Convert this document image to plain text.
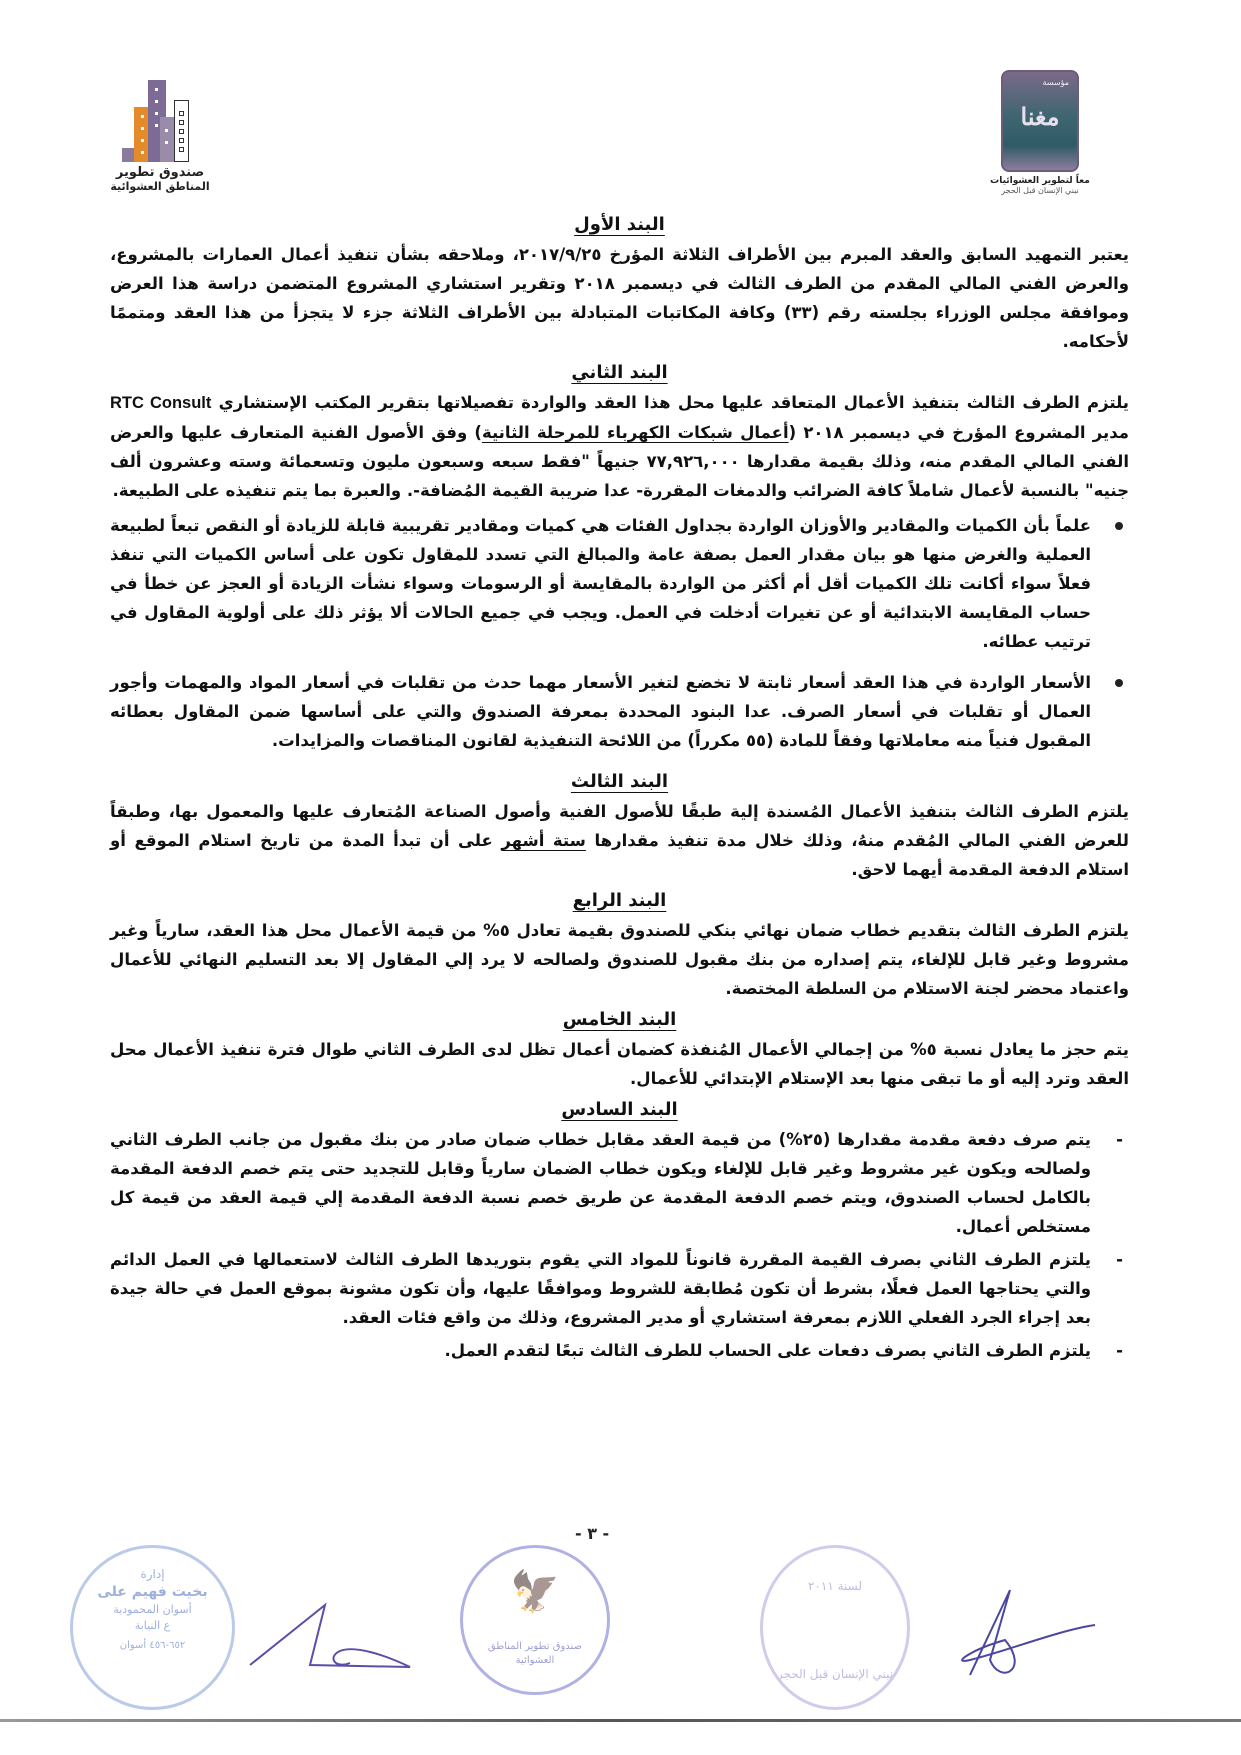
مؤسسة
مغنا
معاً لتطوير العشوائيات
نبني الإنسان قبل الحجر
صندوق تطوير
المناطق العشوائية
البند الأول

يعتبر التمهيد السابق والعقد المبرم بين الأطراف الثلاثة المؤرخ ٢٠١٧/٩/٢٥، وملاحقه بشأن تنفيذ أعمال العمارات بالمشروع، والعرض الفني المالي المقدم من الطرف الثالث في ديسمبر ٢٠١٨ وتقرير استشاري المشروع المتضمن دراسة هذا العرض وموافقة مجلس الوزراء بجلسته رقم (٣٣) وكافة المكاتبات المتبادلة بين الأطراف الثلاثة جزء لا يتجزأ من هذا العقد ومتممًا لأحكامه.

البند الثاني

يلتزم الطرف الثالث بتنفيذ الأعمال المتعاقد عليها محل هذا العقد والواردة تفصيلاتها بتقرير المكتب الإستشاري RTC Consult مدير المشروع المؤرخ في ديسمبر ٢٠١٨ (أعمال شبكات الكهرباء للمرحلة الثانية) وفق الأصول الفنية المتعارف عليها والعرض الفني المالي المقدم منه، وذلك بقيمة مقدارها ٧٧,٩٢٦,٠٠٠ جنيهاً "فقط سبعه وسبعون مليون وتسعمائة وسته وعشرون ألف جنيه" بالنسبة لأعمال شاملاً كافة الضرائب والدمغات المقررة- عدا ضريبة القيمة المُضافة-. والعبرة بما يتم تنفيذه على الطبيعة.

علماً بأن الكميات والمقادير والأوزان الواردة بجداول الفئات هي كميات ومقادير تقريبية قابلة للزيادة أو النقص تبعاً لطبيعة العملية والغرض منها هو بيان مقدار العمل بصفة عامة والمبالغ التي تسدد للمقاول تكون على أساس الكميات التي تنفذ فعلاً سواء أكانت تلك الكميات أقل أم أكثر من الواردة بالمقايسة أو الرسومات وسواء نشأت الزيادة أو العجز عن خطأ في حساب المقايسة الابتدائية أو عن تغيرات أدخلت في العمل. ويجب في جميع الحالات ألا يؤثر ذلك على أولوية المقاول في ترتيب عطائه.
الأسعار الواردة في هذا العقد أسعار ثابتة لا تخضع لتغير الأسعار مهما حدث من تقلبات في أسعار المواد والمهمات وأجور العمال أو تقلبات في أسعار الصرف. عدا البنود المحددة بمعرفة الصندوق والتي على أساسها ضمن المقاول بعطائه المقبول فنياً منه معاملاتها وفقاً للمادة (٥٥ مكرراً) من اللائحة التنفيذية لقانون المناقصات والمزايدات.
البند الثالث

يلتزم الطرف الثالث بتنفيذ الأعمال المُسندة إلية طبقًا للأصول الفنية وأصول الصناعة المُتعارف عليها والمعمول بها، وطبقاً للعرض الفني المالي المُقدم منهُ، وذلك خلال مدة تنفيذ مقدارها ستة أشهر على أن تبدأ المدة من تاريخ استلام الموقع أو استلام الدفعة المقدمة أيهما لاحق.

البند الرابع

يلتزم الطرف الثالث بتقديم خطاب ضمان نهائي بنكي للصندوق بقيمة تعادل ٥% من قيمة الأعمال محل هذا العقد، سارياً وغير مشروط وغير قابل للإلغاء، يتم إصداره من بنك مقبول للصندوق ولصالحه لا يرد إلي المقاول إلا بعد التسليم النهائي للأعمال واعتماد محضر لجنة الاستلام من السلطة المختصة.

البند الخامس

يتم حجز ما يعادل نسبة ٥% من إجمالي الأعمال المُنفذة كضمان أعمال تظل لدى الطرف الثاني طوال فترة تنفيذ الأعمال محل العقد وترد إليه أو ما تبقى منها بعد الإستلام الإبتدائي للأعمال.

البند السادس
-
يتم صرف دفعة مقدمة مقدارها (٢٥%) من قيمة العقد مقابل خطاب ضمان صادر من بنك مقبول من جانب الطرف الثاني ولصالحه ويكون غير مشروط وغير قابل للإلغاء ويكون خطاب الضمان سارياً وقابل للتجديد حتى يتم خصم الدفعة المقدمة بالكامل لحساب الصندوق، ويتم خصم الدفعة المقدمة عن طريق خصم نسبة الدفعة المقدمة إلي قيمة العقد من قيمة كل مستخلص أعمال.
-
يلتزم الطرف الثاني بصرف القيمة المقررة قانوناً للمواد التي يقوم بتوريدها الطرف الثالث لاستعمالها في العمل الدائم والتي يحتاجها العمل فعلًا، بشرط أن تكون مُطابقة للشروط وموافقًا عليها، وأن تكون مشونة بموقع العمل في حالة جيدة بعد إجراء الجرد الفعلي اللازم بمعرفة استشاري أو مدير المشروع، وذلك من واقع فئات العقد.
-
يلتزم الطرف الثاني بصرف دفعات على الحساب للطرف الثالث تبعًا لتقدم العمل.
إدارة
بخيت فهيم على
أسوان المحمودية
ع النيابة
٦٥٢-٤٥٦ أسوان
🦅
صندوق تطوير المناطق العشوائية
لسنة ٢٠١١
نبني الإنسان قبل الحجر
- ٣ -
